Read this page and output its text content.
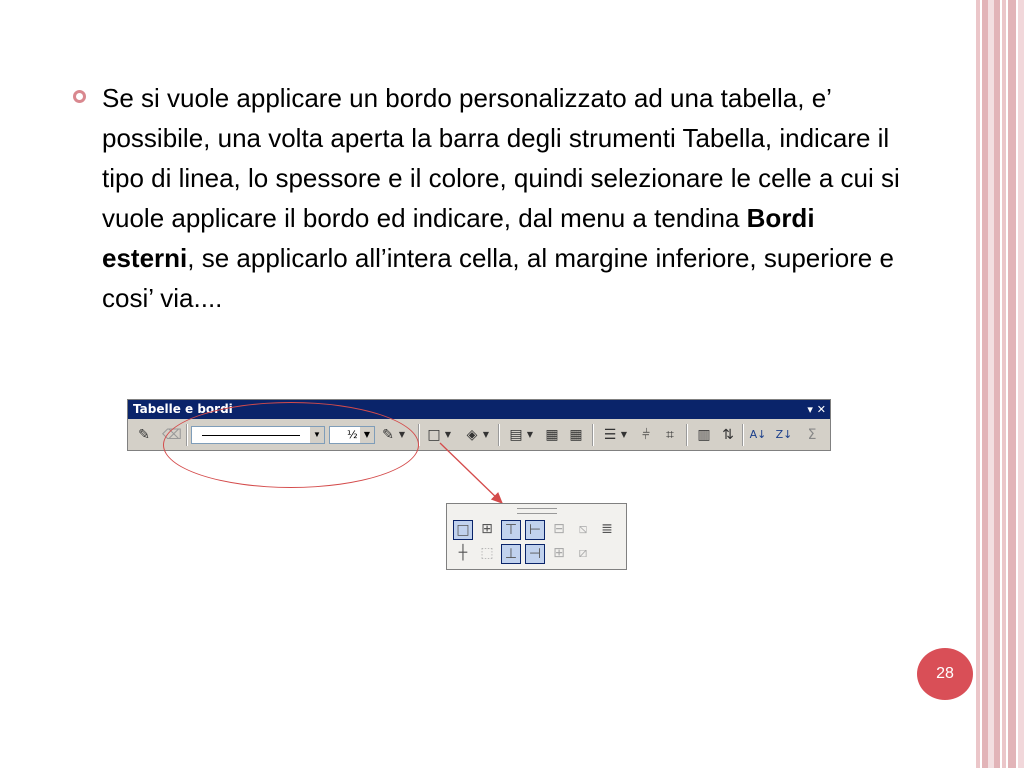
Se si vuole applicare un bordo personalizzato ad una tabella, e’ possibile, una volta aperta la barra degli strumenti Tabella, indicare il tipo di linea, lo spessore e il colore, quindi selezionare le celle a cui si vuole applicare il bordo ed indicare, dal menu a tendina Bordi esterni, se applicarlo all’intera cella, al margine inferiore, superiore e cosi’ via....
Tabelle e bordi	▾ ✕
✎ ⌫	▼	½ ▼ ✎ ▼ □ ▼	◈ ▼ ▤ ▼ ▦ ▦ ☰ ▼	⫩	⌗	▥ ⇅	A↓ Z↓	Σ
□ ⊞ ⊤ ⊢ ⊟ ⧅ ≣
┼ ⬚ ⊥ ⊣ ⊞ ⧄
28
